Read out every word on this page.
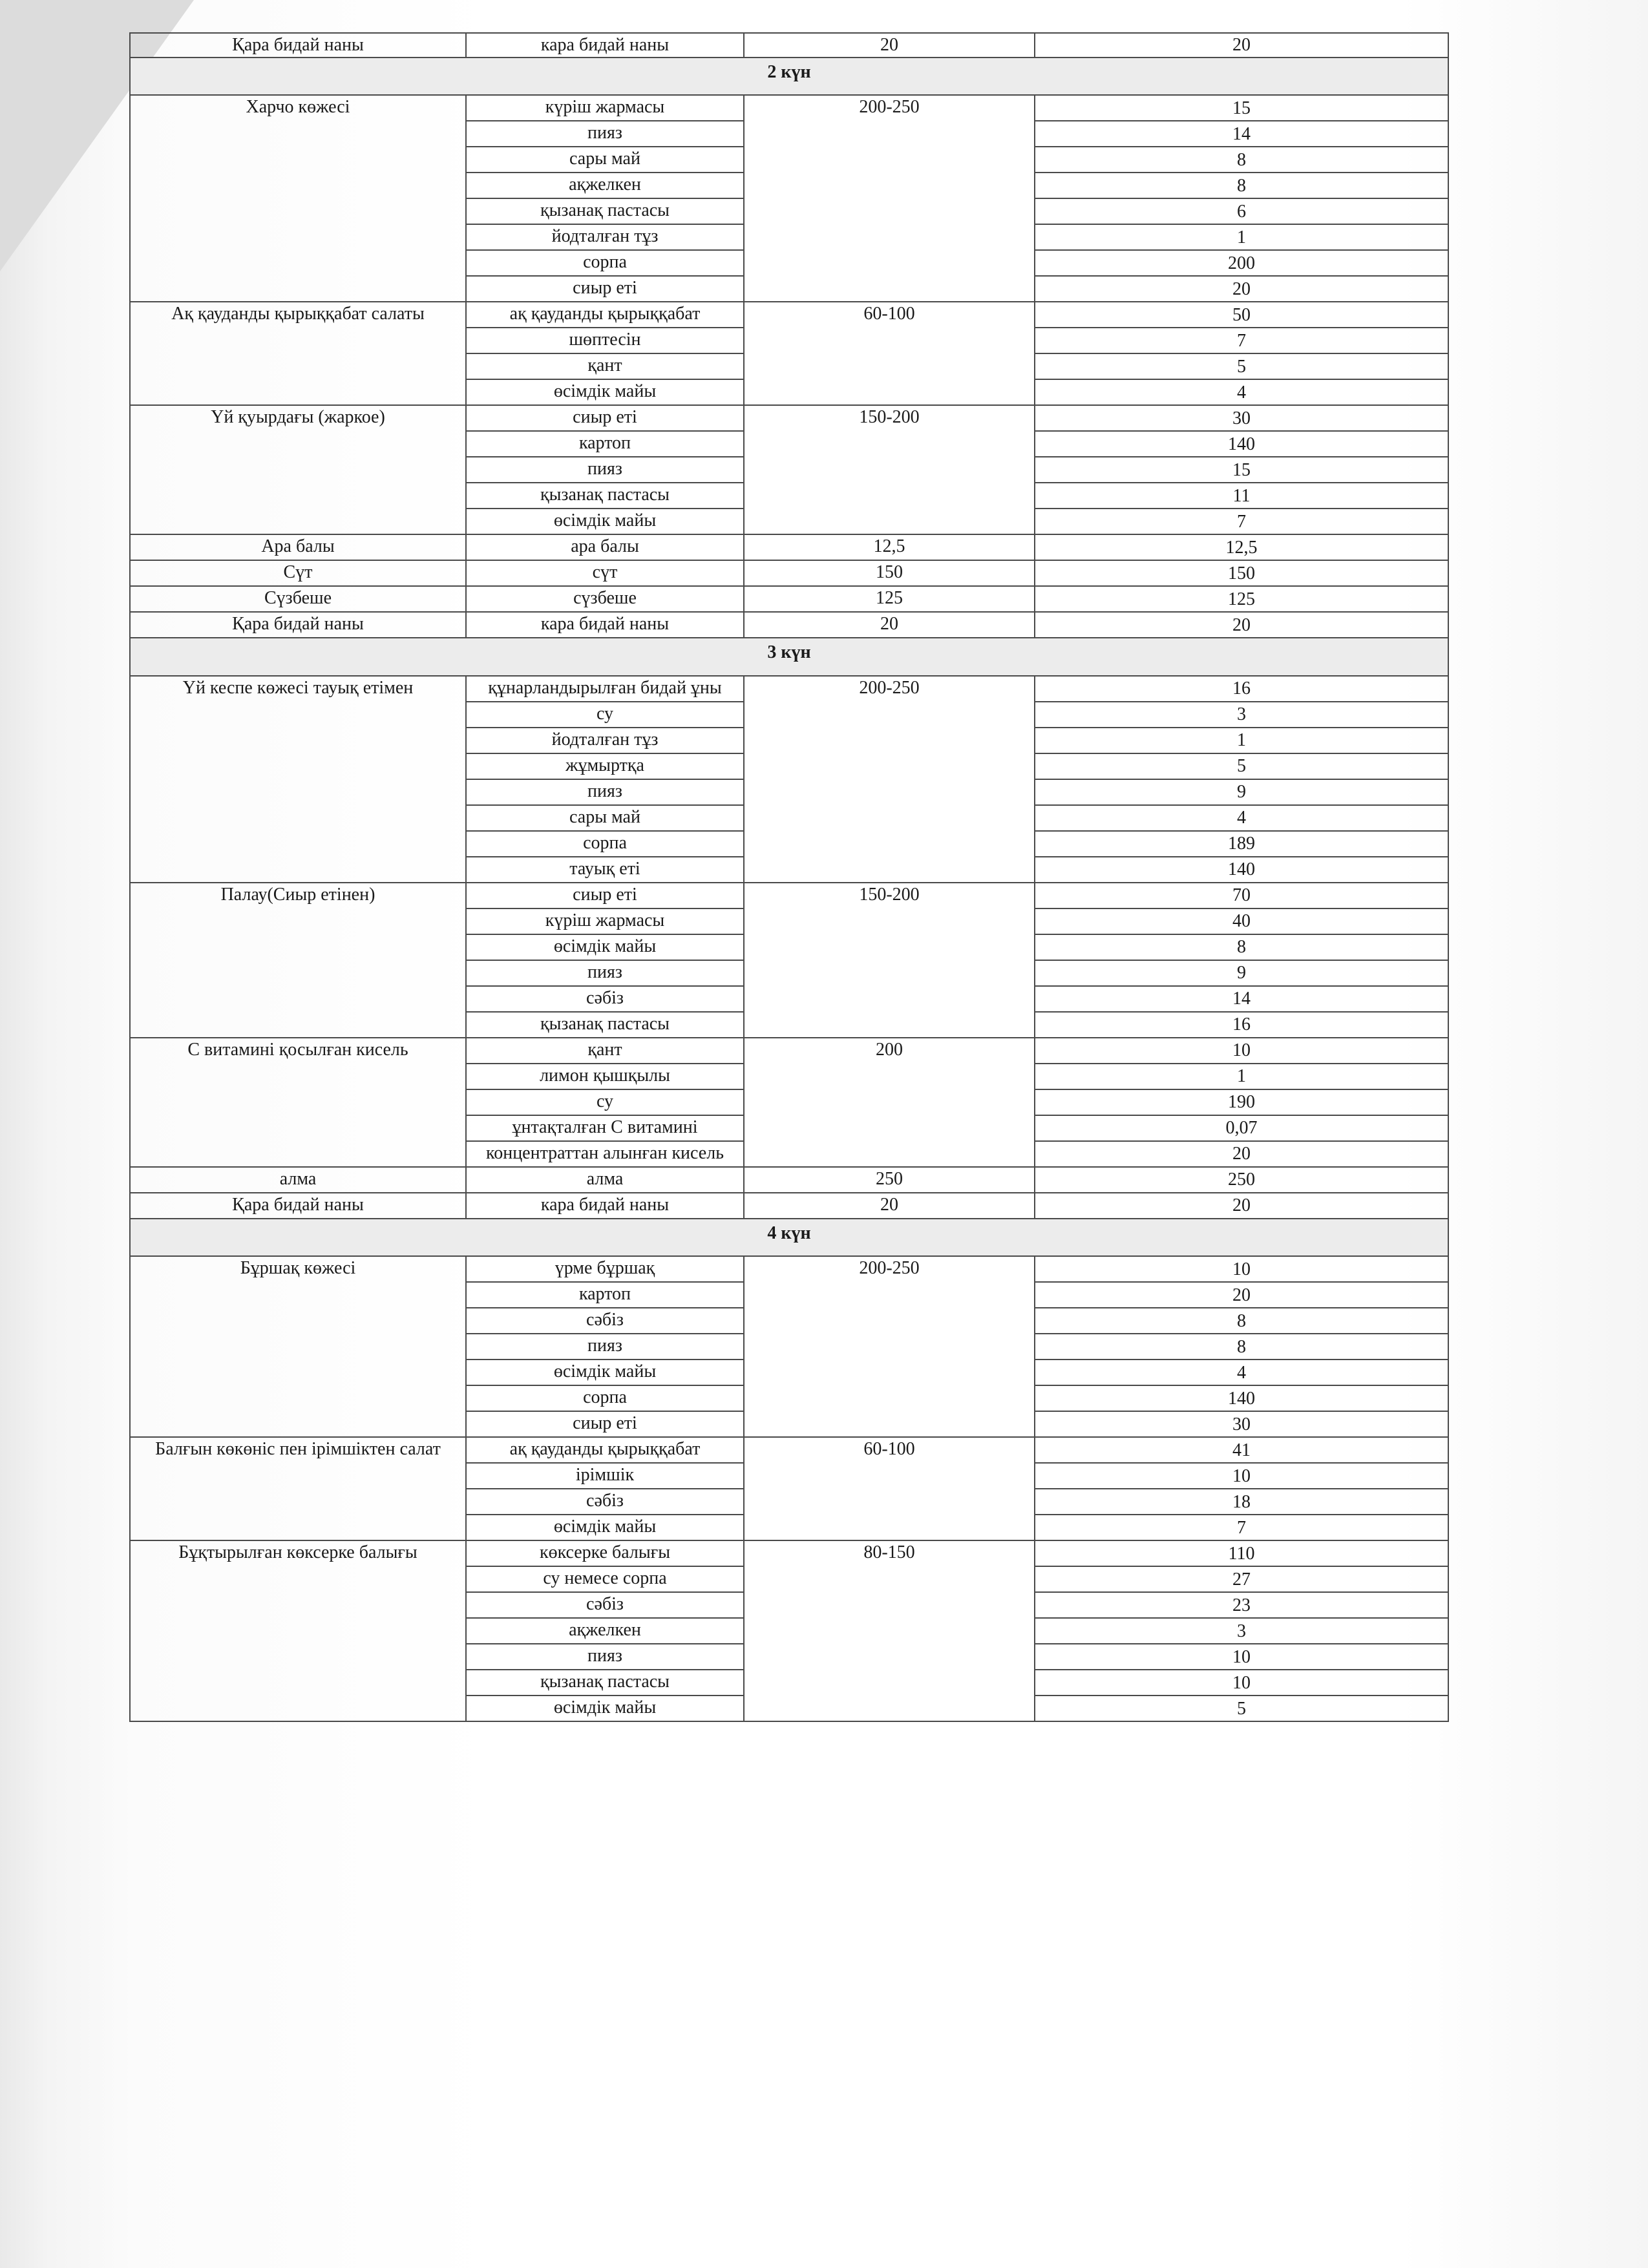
Қара бидай наны	кара бидай наны	20	20
2 күн			
Харчо көжесі	күріш жармасы	200-250	15
	пияз		14
	сары май		8
	ақжелкен		8
	қызанақ пастасы		6
	йодталған тұз		1
	сорпа		200
	сиыр еті		20
Ақ қауданды қырыққабат салаты	ақ қауданды қырыққабат	60-100	50
	шөптесін		7
	қант		5
	өсімдік майы		4
Үй қуырдағы (жаркое)	сиыр еті	150-200	30
	картоп		140
	пияз		15
	қызанақ пастасы		11
	өсімдік майы		7
Ара балы	ара балы	12,5	12,5
Сүт	сүт	150	150
Сүзбеше	сүзбеше	125	125
Қара бидай наны	кара бидай наны	20	20
3 күн			
Үй кеспе көжесі тауық етімен	құнарландырылған бидай ұны	200-250	16
	су		3
	йодталған тұз		1
	жұмыртқа		5
	пияз		9
	сары май		4
	сорпа		189
	тауық еті		140
Палау(Сиыр етінен)	сиыр еті	150-200	70
	күріш жармасы		40
	өсімдік майы		8
	пияз		9
	сәбіз		14
	қызанақ пастасы		16
С витамині қосылған кисель	қант	200	10
	лимон қышқылы		1
	су		190
	ұнтақталған С витамині		0,07
	концентраттан алынған кисель		20
алма	алма	250	250
Қара бидай наны	кара бидай наны	20	20
4 күн			
Бұршақ көжесі	үрме бұршақ	200-250	10
	картоп		20
	сәбіз		8
	пияз		8
	өсімдік майы		4
	сорпа		140
	сиыр еті		30
Балғын көкөніс пен ірімшіктен салат	ақ қауданды қырыққабат	60-100	41
	ірімшік		10
	сәбіз		18
	өсімдік майы		7
Бұқтырылған көксерке балығы	көксерке балығы	80-150	110
	су немесе сорпа		27
	сәбіз		23
	ақжелкен		3
	пияз		10
	қызанақ пастасы		10
	өсімдік майы		5
